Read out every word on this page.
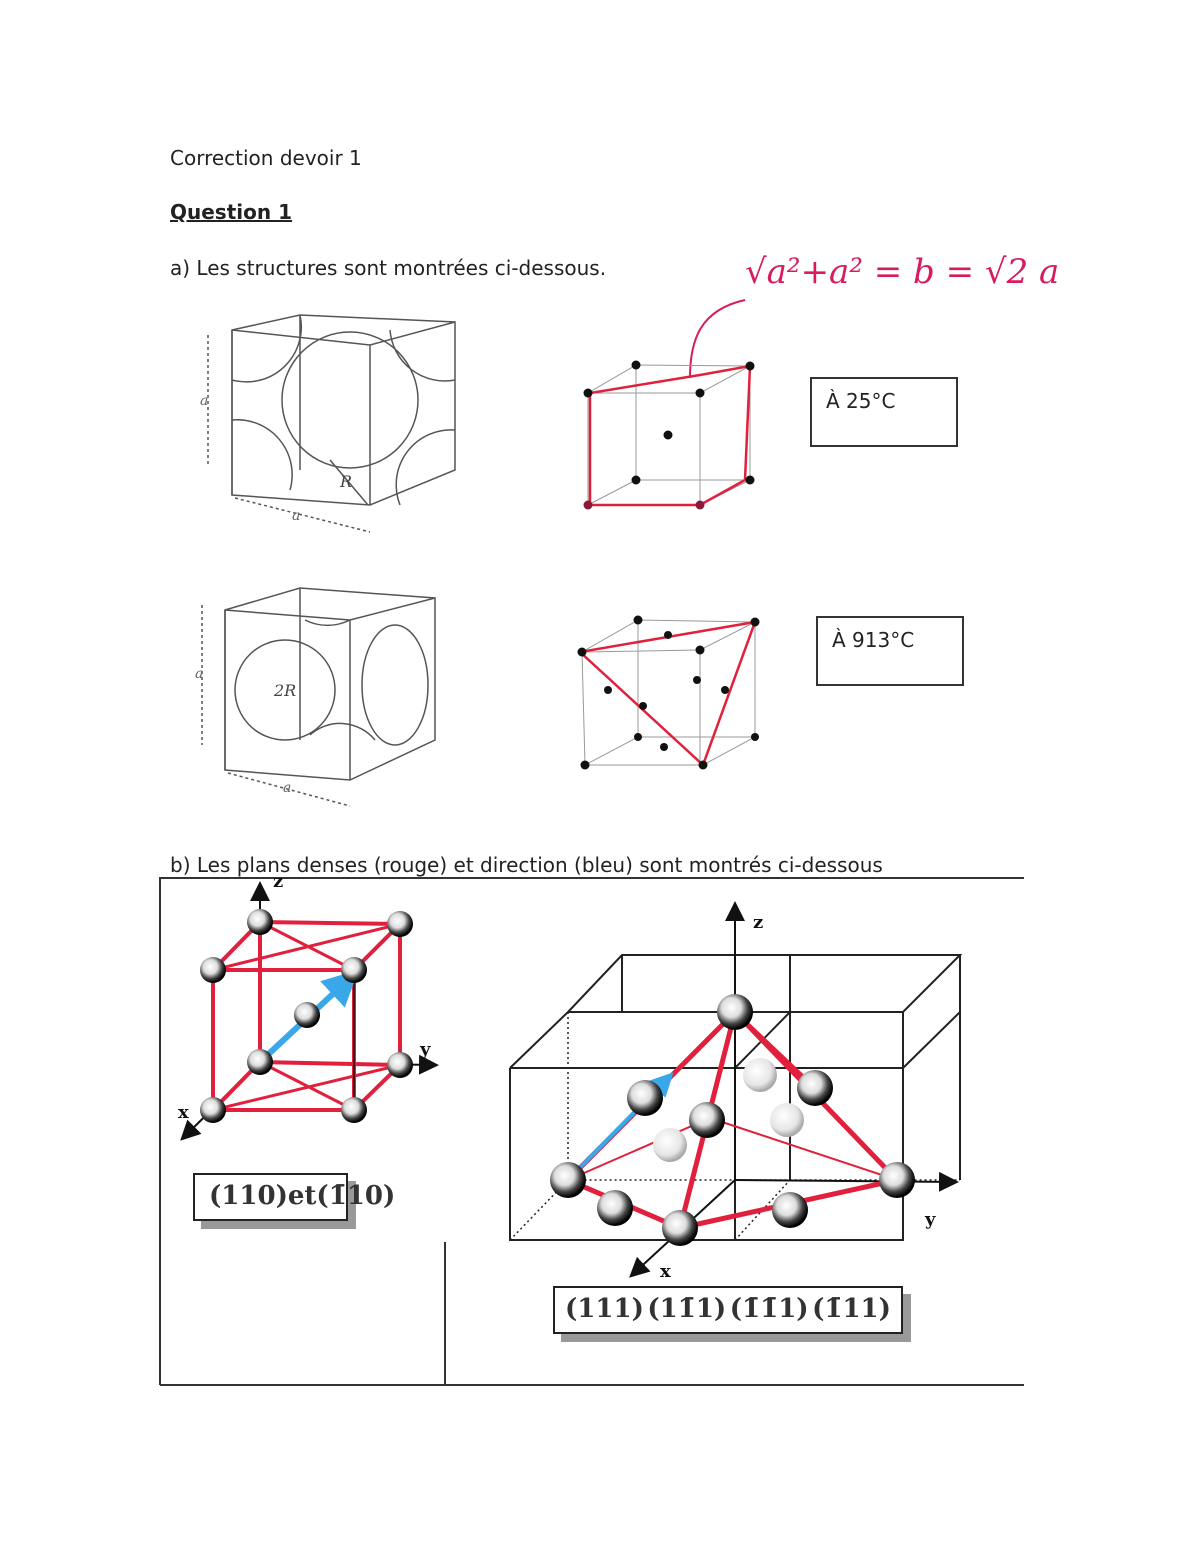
Correction devoir 1
Question 1
a) Les structures sont montrées ci-dessous.
b) Les plans denses (rouge) et direction (bleu) sont montrés ci-dessous
√a²+a² = b = √2 a
À 25°C
À 913°C
R
a
a
2R
a
a
z
y
x
z
y
x
(110)et(1̄10)
(111) (11̄1) (1̄1̄1) (1̄11)
